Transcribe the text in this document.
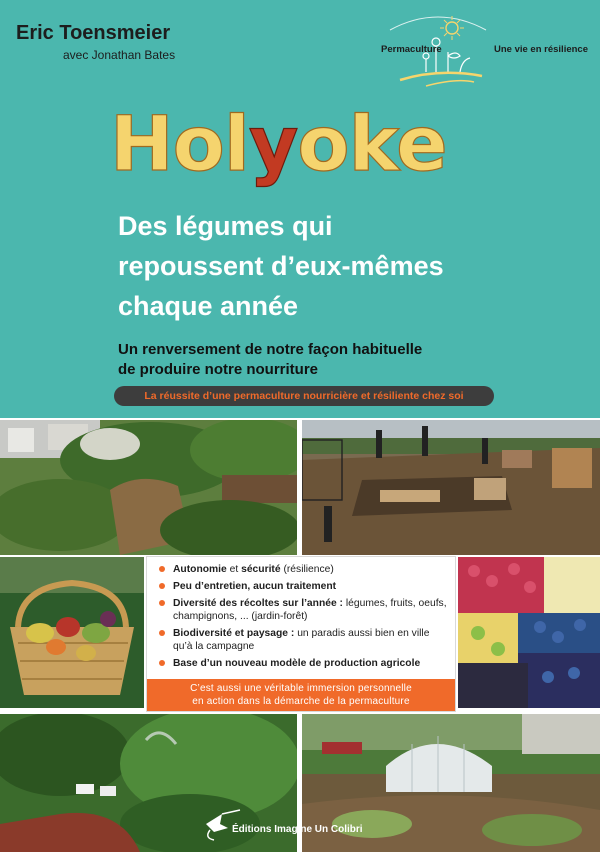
Eric Toensmeier
avec Jonathan Bates	Permaculture	Une vie en résilience
Holyoke
Des légumes qui
repoussent d’eux-mêmes
chaque année
Un renversement de notre façon habituelle
de produire notre nourriture
La réussite d’une permaculture nourricière et résiliente chez soi
Autonomie et sécurité (résilience)
Peu d’entretien, aucun traitement
Diversité des récoltes sur l’année : légumes, fruits, oeufs, champignons, ... (jardin-forêt)
Biodiversité et paysage : un paradis aussi bien en ville qu’à la campagne
Base d’un nouveau modèle de production agricole
C’est aussi une véritable immersion personnelle
en action dans la démarche de la permaculture
Éditions Imagine Un Colibri
